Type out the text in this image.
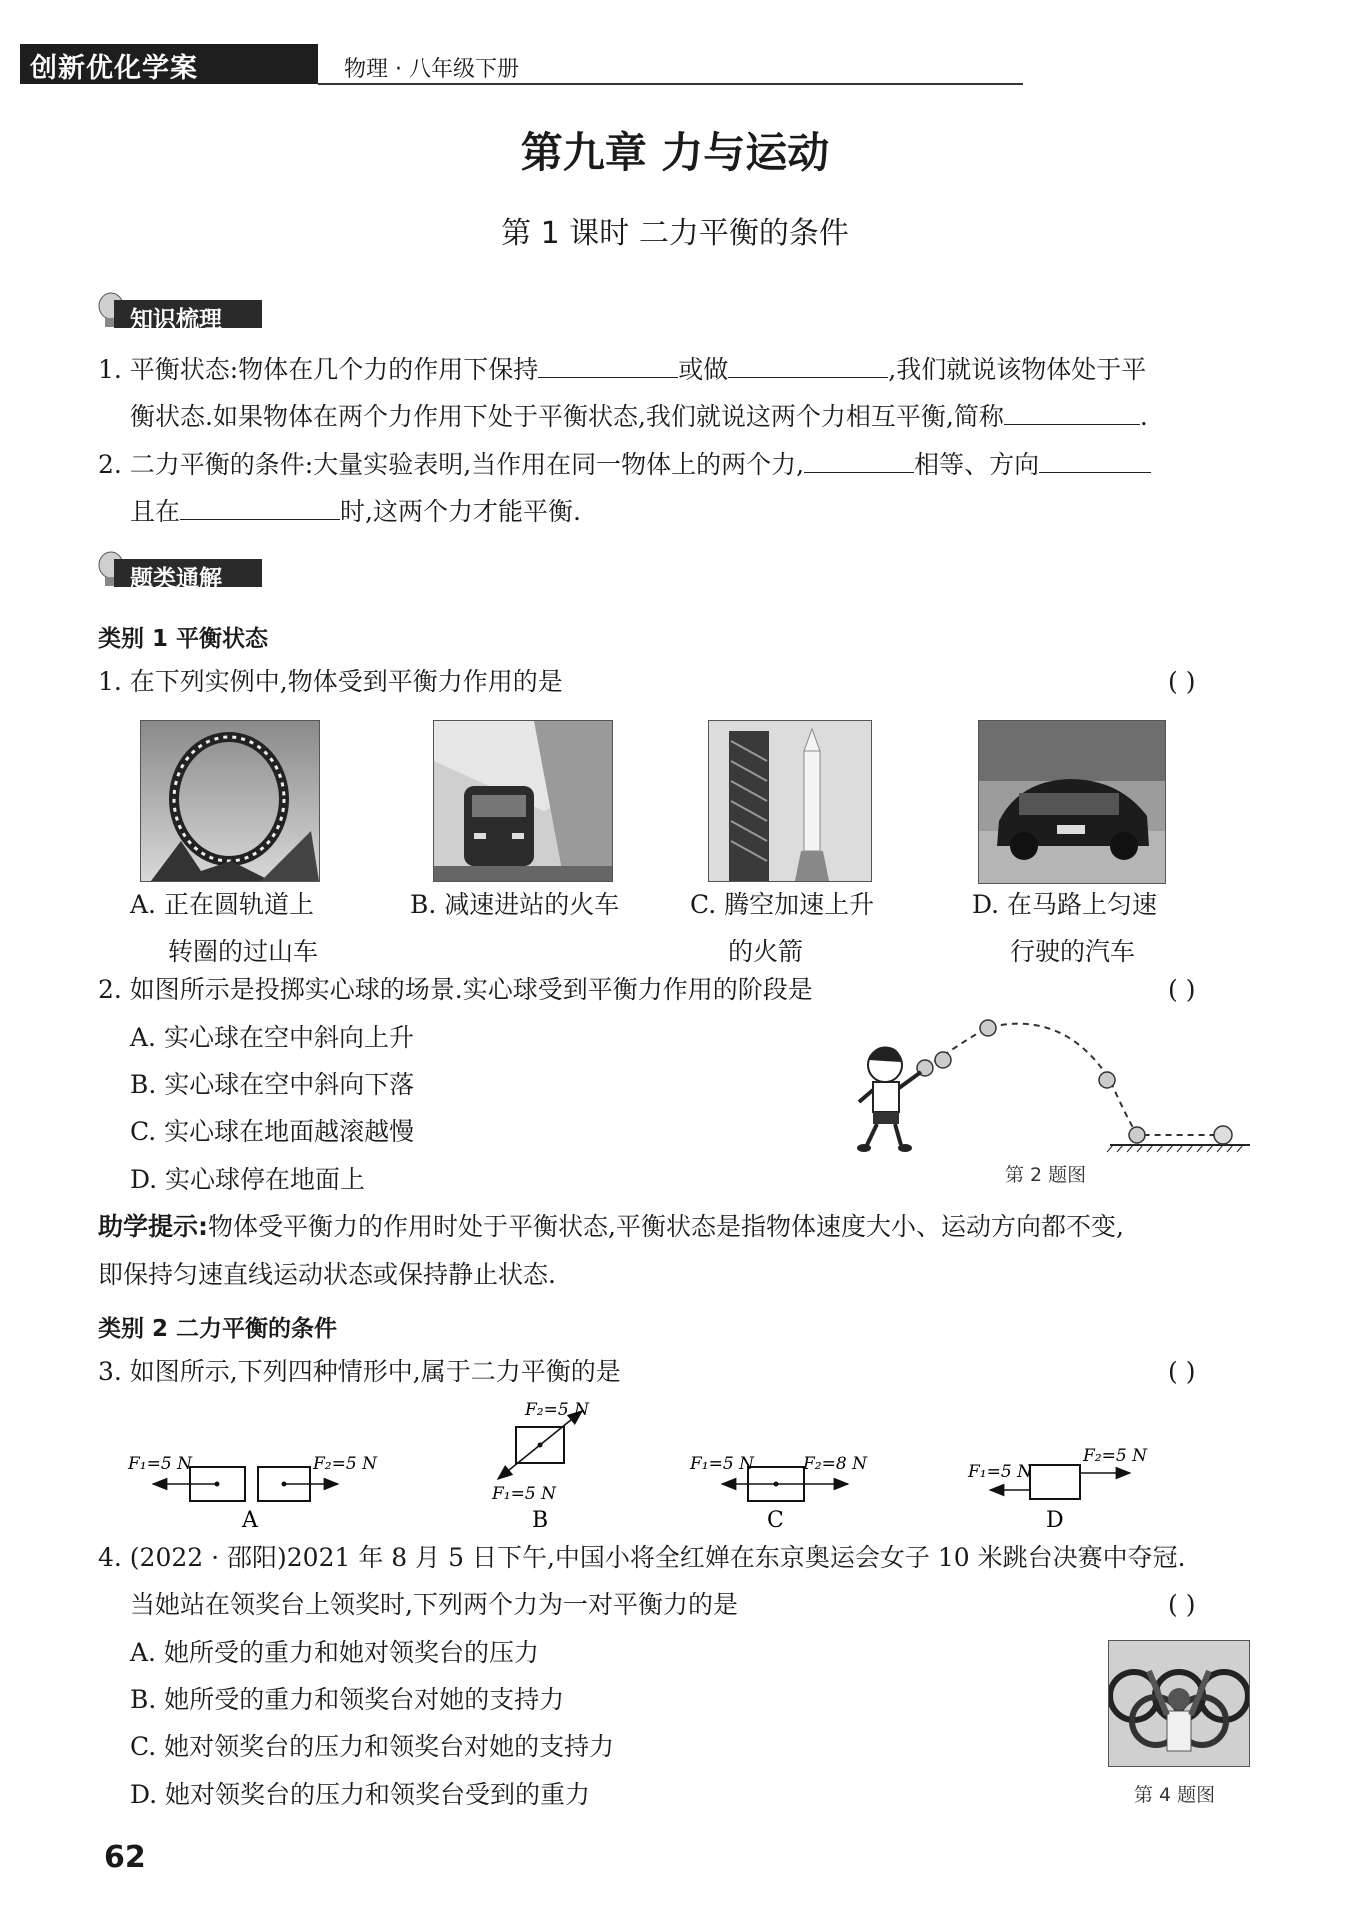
创新优化学案	物理 · 八年级下册
第九章 力与运动
第 1 课时 二力平衡的条件
知识梳理
1. 平衡状态:物体在几个力的作用下保持	或做	,我们就说该物体处于平
衡状态.如果物体在两个力作用下处于平衡状态,我们就说这两个力相互平衡,简称	.
2. 二力平衡的条件:大量实验表明,当作用在同一物体上的两个力,	相等、方向
且在	时,这两个力才能平衡.
题类通解
类别 1 平衡状态
1. 在下列实例中,物体受到平衡力作用的是	( )
A. 正在圆轨道上
转圈的过山车
B. 减速进站的火车	C. 腾空加速上升
的火箭
D. 在马路上匀速
行驶的汽车
2. 如图所示是投掷实心球的场景.实心球受到平衡力作用的阶段是	( )
A. 实心球在空中斜向上升
B. 实心球在空中斜向下落
C. 实心球在地面越滚越慢
D. 实心球停在地面上	第 2 题图
助学提示:物体受平衡力的作用时处于平衡状态,平衡状态是指物体速度大小、运动方向都不变,
即保持匀速直线运动状态或保持静止状态.
类别 2 二力平衡的条件
3. 如图所示,下列四种情形中,属于二力平衡的是	( )
F₁=5 N	F₂=5 N
A
F₂=5 N
F₁=5 N
B
F₁=5 N	F₂=8 N
C
F₁=5 N
F₂=5 N
D
4. (2022 · 邵阳)2021 年 8 月 5 日下午,中国小将全红婵在东京奥运会女子 10 米跳台决赛中夺冠.
当她站在领奖台上领奖时,下列两个力为一对平衡力的是	( )
A. 她所受的重力和她对领奖台的压力
B. 她所受的重力和领奖台对她的支持力
C. 她对领奖台的压力和领奖台对她的支持力
D. 她对领奖台的压力和领奖台受到的重力	第 4 题图
62
